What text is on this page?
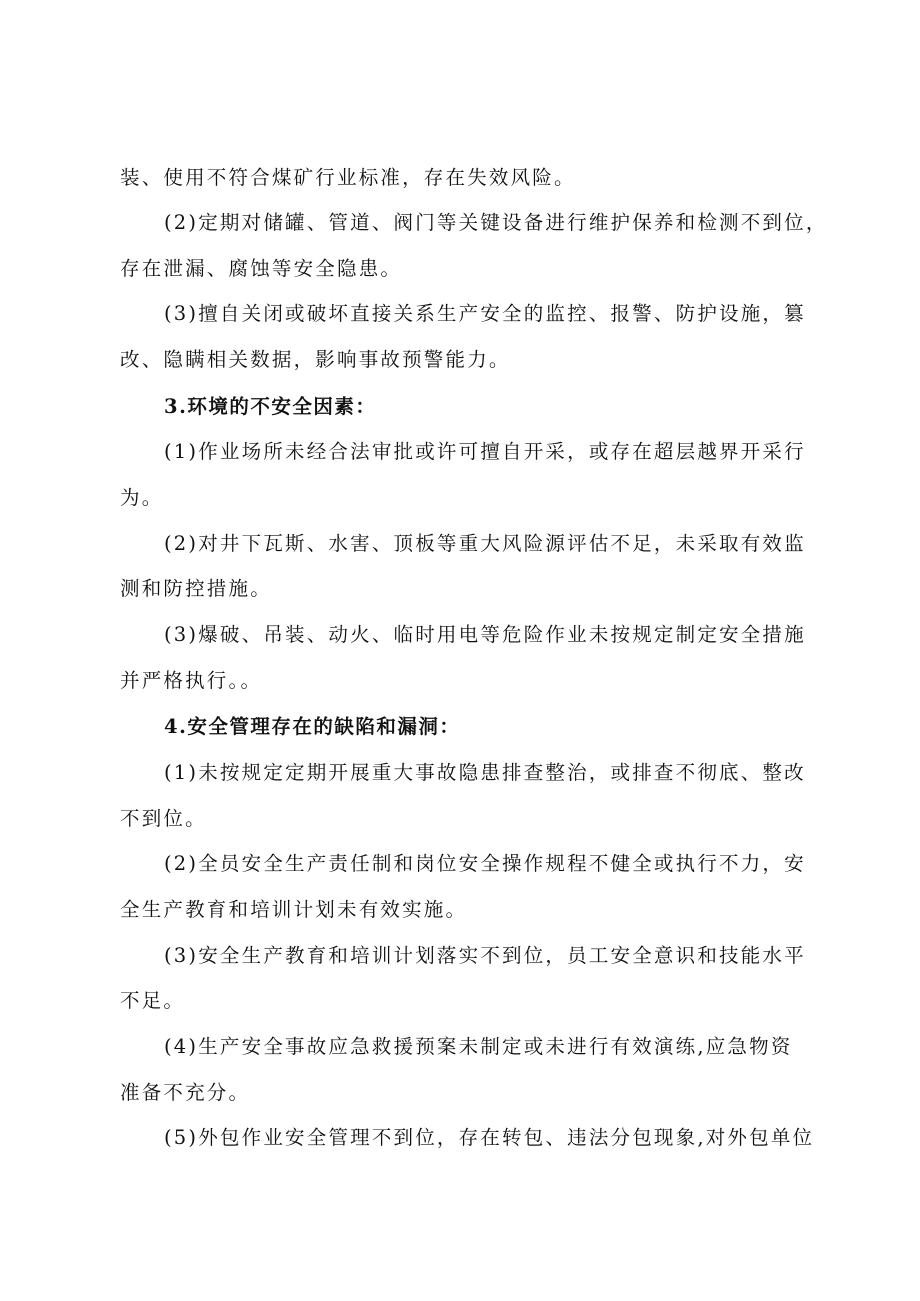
装、使用不符合煤矿行业标准，存在失效风险。
(2)定期对储罐、管道、阀门等关键设备进行维护保养和检测不到位，
存在泄漏、腐蚀等安全隐患。
(3)擅自关闭或破坏直接关系生产安全的监控、报警、防护设施，篡
改、隐瞒相关数据，影响事故预警能力。
3.环境的不安全因素：
(1)作业场所未经合法审批或许可擅自开采，或存在超层越界开采行
为。
(2)对井下瓦斯、水害、顶板等重大风险源评估不足，未采取有效监
测和防控措施。
(3)爆破、吊装、动火、临时用电等危险作业未按规定制定安全措施
并严格执行。。
4.安全管理存在的缺陷和漏洞：
(1)未按规定定期开展重大事故隐患排查整治，或排查不彻底、整改
不到位。
(2)全员安全生产责任制和岗位安全操作规程不健全或执行不力，安
全生产教育和培训计划未有效实施。
(3)安全生产教育和培训计划落实不到位，员工安全意识和技能水平
不足。
(4)生产安全事故应急救援预案未制定或未进行有效演练,应急物资
准备不充分。
(5)外包作业安全管理不到位，存在转包、违法分包现象,对外包单位
